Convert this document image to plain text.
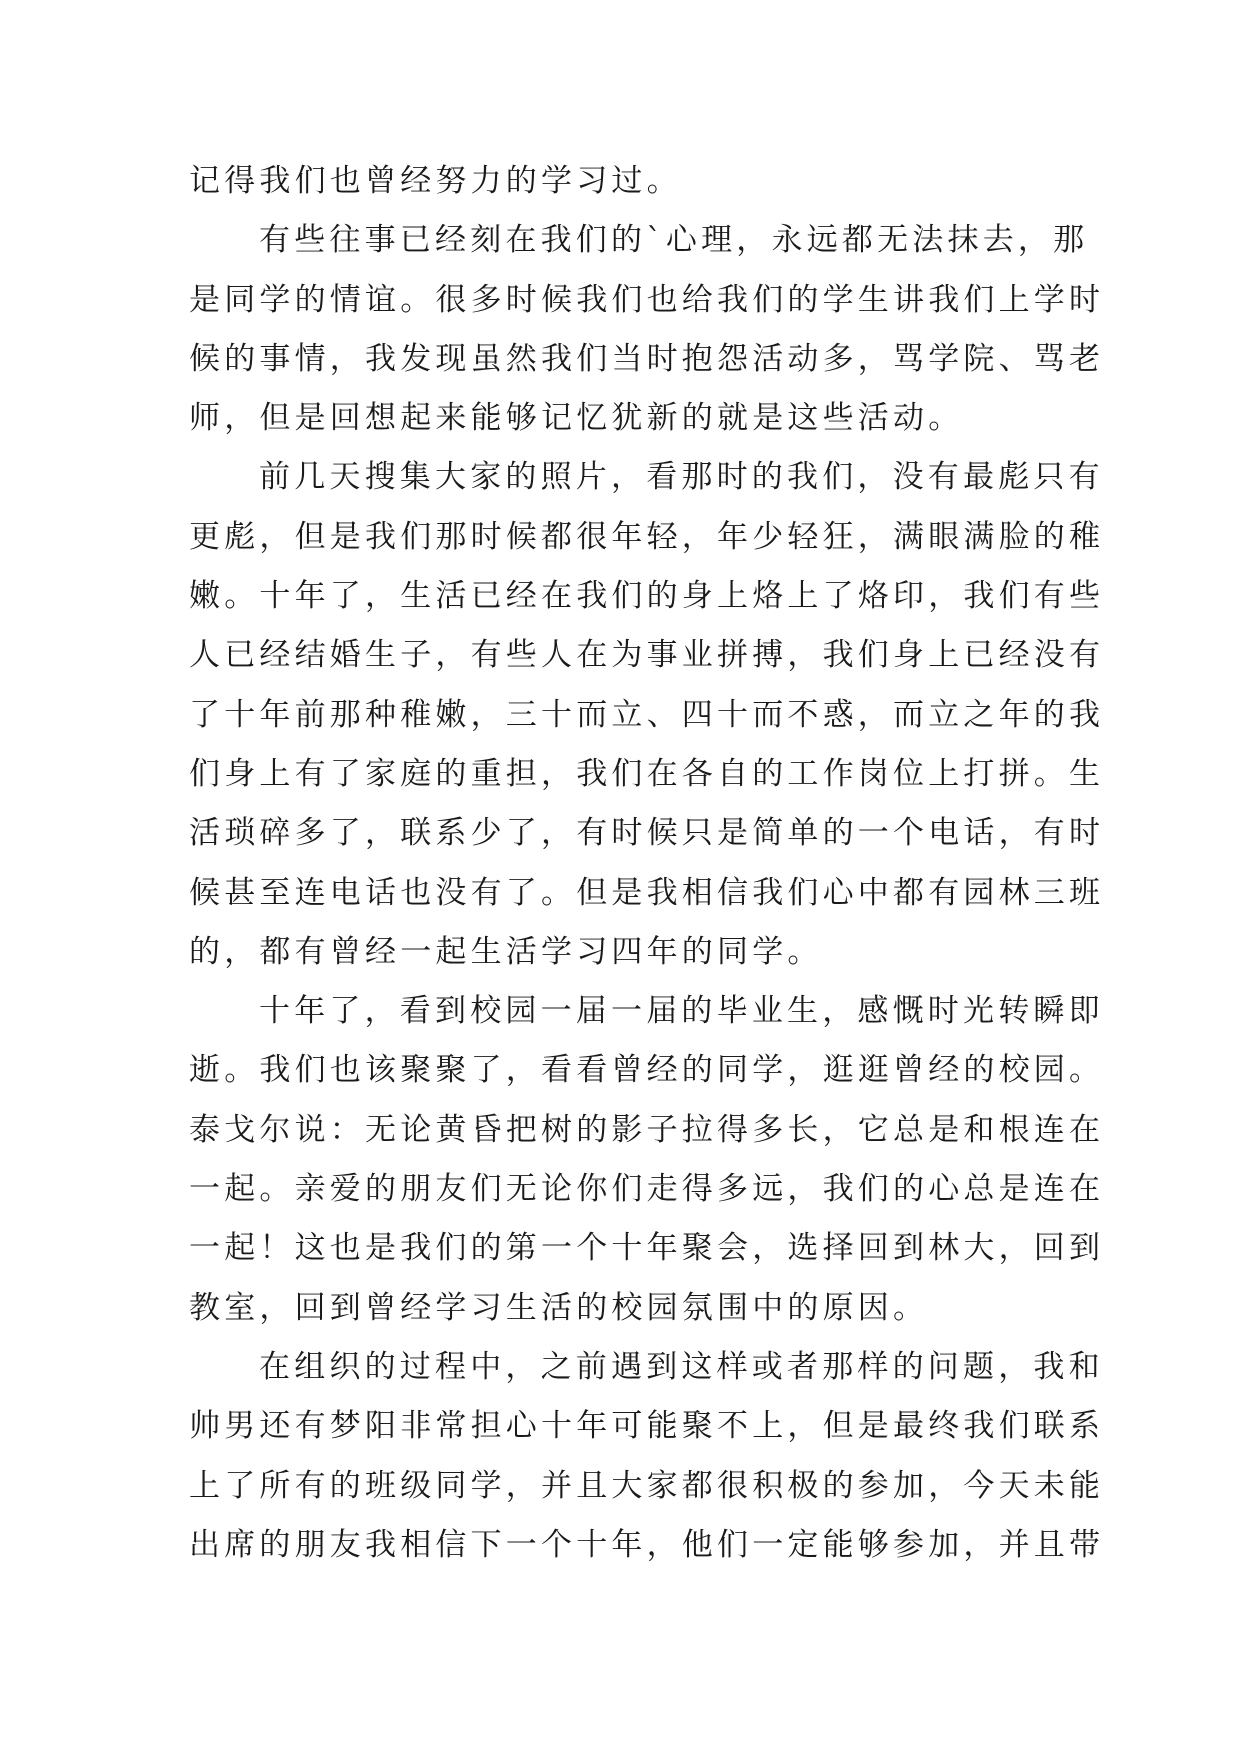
记得我们也曾经努力的学习过。
有些往事已经刻在我们的`心理，永远都无法抹去，那
是同学的情谊。很多时候我们也给我们的学生讲我们上学时
候的事情，我发现虽然我们当时抱怨活动多，骂学院、骂老
师，但是回想起来能够记忆犹新的就是这些活动。
前几天搜集大家的照片，看那时的我们，没有最彪只有
更彪，但是我们那时候都很年轻，年少轻狂，满眼满脸的稚
嫩。十年了，生活已经在我们的身上烙上了烙印，我们有些
人已经结婚生子，有些人在为事业拼搏，我们身上已经没有
了十年前那种稚嫩，三十而立、四十而不惑，而立之年的我
们身上有了家庭的重担，我们在各自的工作岗位上打拼。生
活琐碎多了，联系少了，有时候只是简单的一个电话，有时
候甚至连电话也没有了。但是我相信我们心中都有园林三班
的，都有曾经一起生活学习四年的同学。
十年了，看到校园一届一届的毕业生，感慨时光转瞬即
逝。我们也该聚聚了，看看曾经的同学，逛逛曾经的校园。
泰戈尔说：无论黄昏把树的影子拉得多长，它总是和根连在
一起。亲爱的朋友们无论你们走得多远，我们的心总是连在
一起！这也是我们的第一个十年聚会，选择回到林大，回到
教室，回到曾经学习生活的校园氛围中的原因。
在组织的过程中，之前遇到这样或者那样的问题，我和
帅男还有梦阳非常担心十年可能聚不上，但是最终我们联系
上了所有的班级同学，并且大家都很积极的参加，今天未能
出席的朋友我相信下一个十年，他们一定能够参加，并且带
